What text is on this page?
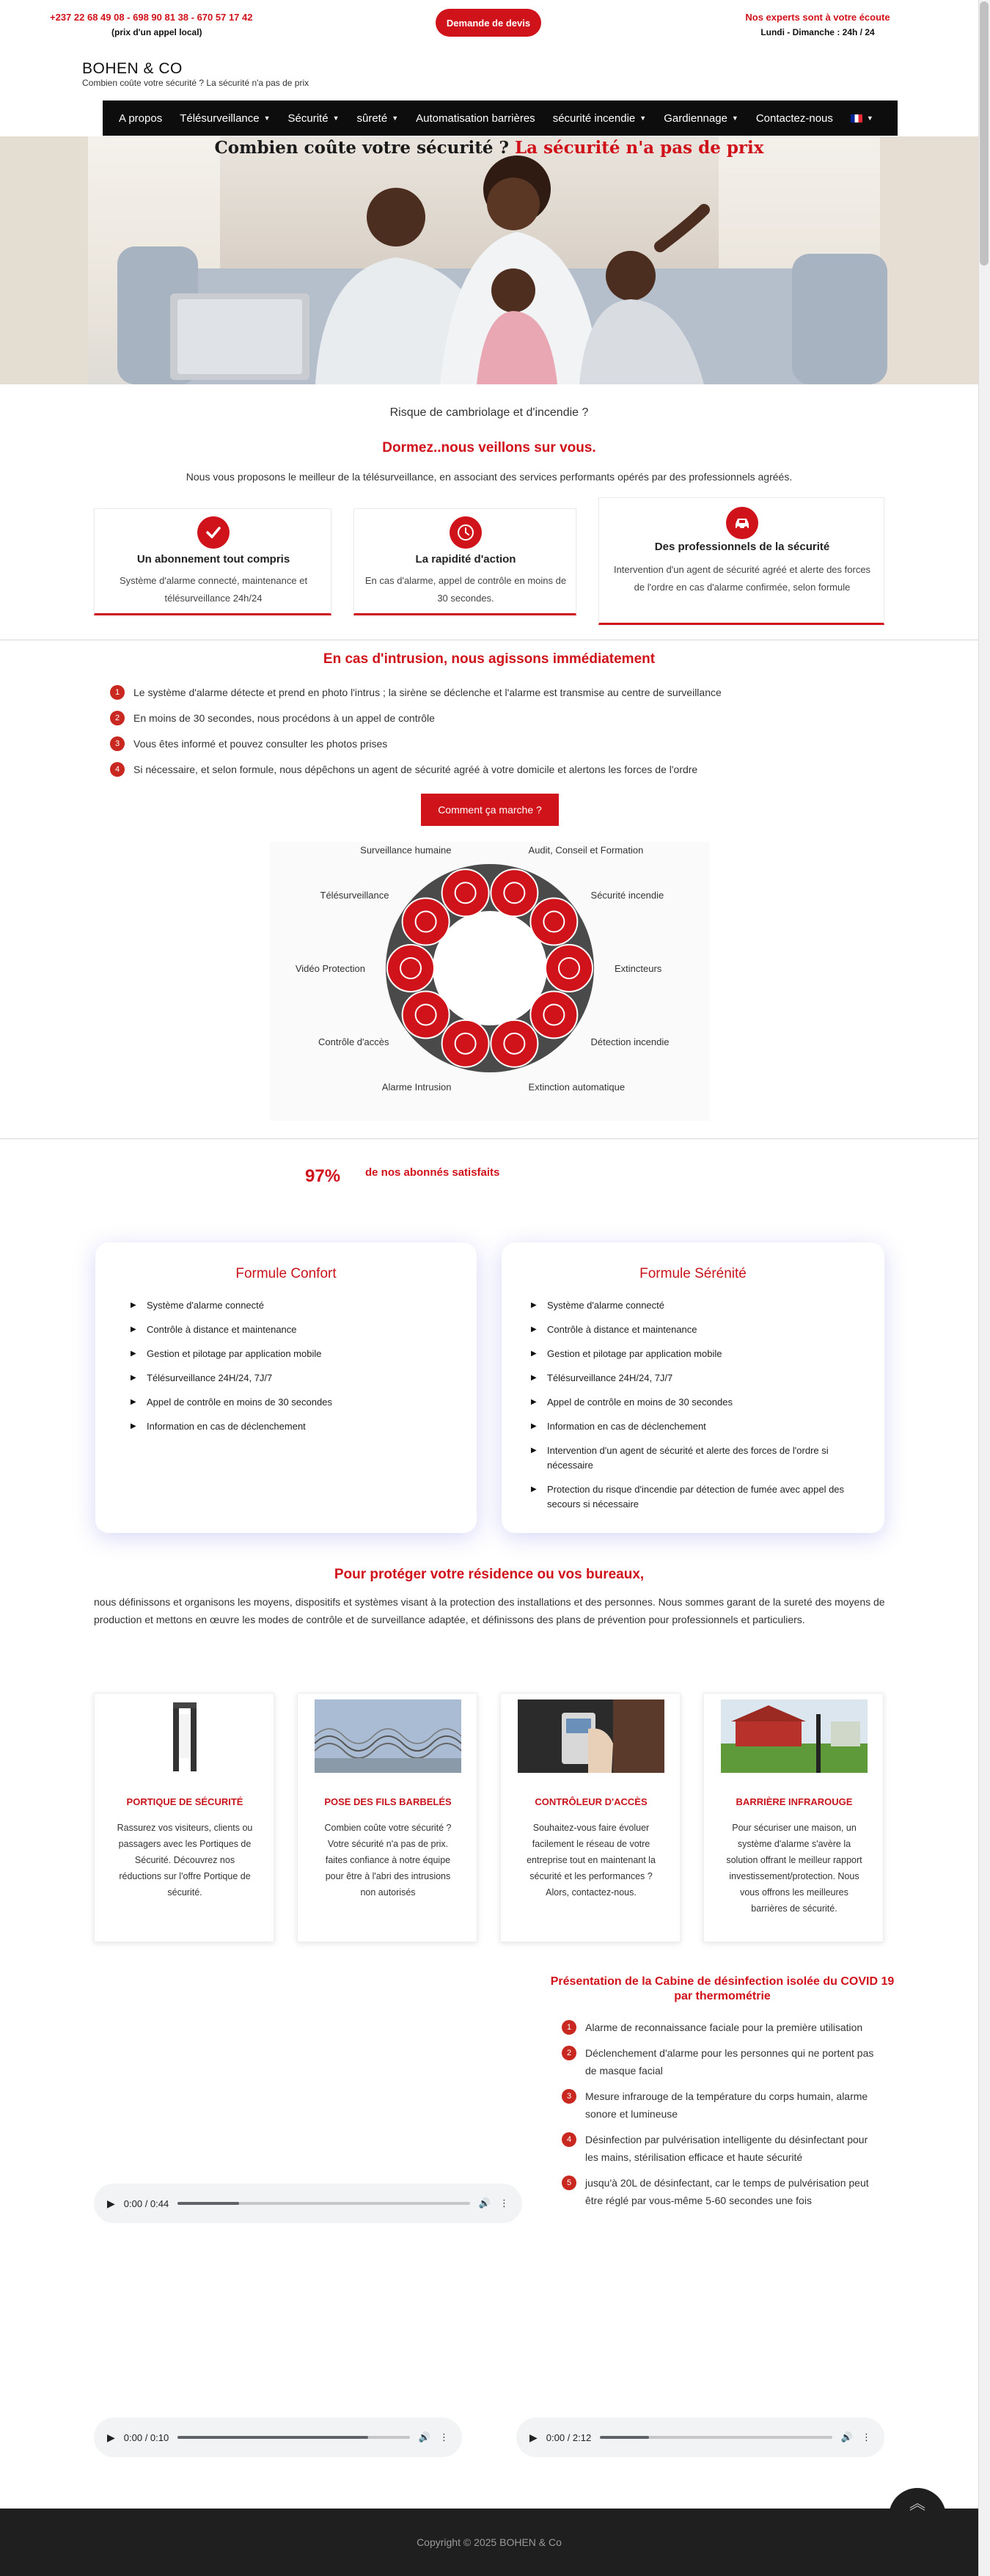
+237 22 68 49 08 - 698 90 81 38 - 670 57 17 42
(prix d'un appel local)
Demande de devis	Nos experts sont à votre écoute
Lundi - Dimanche : 24h / 24
BOHEN & CO
Combien coûte votre sécurité ? La sécurité n'a pas de prix
A propos Télésurveillance ▼ Sécurité ▼ sûreté ▼ Automatisation barrières sécurité incendie ▼ Gardiennage ▼ Contactez-nous	▼
Combien coûte votre sécurité ? La sécurité n'a pas de prix
Risque de cambriolage et d'incendie ?
Dormez..nous veillons sur vous.
Nous vous proposons le meilleur de la télésurveillance, en associant des services performants opérés par des professionnels agréés.
Un abonnement tout compris
Système d'alarme connecté, maintenance et télésurveillance 24h/24
La rapidité d'action
En cas d'alarme, appel de contrôle en moins de 30 secondes.
Des professionnels de la sécurité
Intervention d'un agent de sécurité agréé et alerte des forces de l'ordre en cas d'alarme confirmée, selon formule
En cas d'intrusion, nous agissons immédiatement
1	Le système d'alarme détecte et prend en photo l'intrus ; la sirène se déclenche et l'alarme est transmise au centre de surveillance
2	En moins de 30 secondes, nous procédons à un appel de contrôle
3	Vous êtes informé et pouvez consulter les photos prises
4	Si nécessaire, et selon formule, nous dépêchons un agent de sécurité agréé à votre domicile et alertons les forces de l'ordre
Comment ça marche ?
Audit, Conseil et Formation
Sécurité incendie
Extincteurs
Détection incendie
Extinction automatique
Alarme Intrusion
Contrôle d'accès
Vidéo Protection
Télésurveillance
Surveillance humaine
97% de nos abonnés satisfaits
Formule Confort
▶ Système d'alarme connecté
▶ Contrôle à distance et maintenance
▶ Gestion et pilotage par application mobile
▶ Télésurveillance 24H/24, 7J/7
▶ Appel de contrôle en moins de 30 secondes
▶ Information en cas de déclenchement
Formule Sérénité
▶ Système d'alarme connecté
▶ Contrôle à distance et maintenance
▶ Gestion et pilotage par application mobile
▶ Télésurveillance 24H/24, 7J/7
▶ Appel de contrôle en moins de 30 secondes
▶ Information en cas de déclenchement
▶ Intervention d'un agent de sécurité et alerte des forces de l'ordre si nécessaire
▶ Protection du risque d'incendie par détection de fumée avec appel des secours si nécessaire
Pour protéger votre résidence ou vos bureaux,
nous définissons et organisons les moyens, dispositifs et systèmes visant à la protection des installations et des personnes. Nous sommes garant de la sureté des moyens de production et mettons en œuvre les modes de contrôle et de surveillance adaptée, et définissons des plans de prévention pour professionnels et particuliers.
PORTIQUE DE SÉCURITÉ
Rassurez vos visiteurs, clients ou passagers avec les Portiques de Sécurité. Découvrez nos réductions sur l'offre Portique de sécurité.
POSE DES FILS BARBELÉS
Combien coûte votre sécurité ? Votre sécurité n'a pas de prix. faites confiance à notre équipe pour être à l'abri des intrusions non autorisés
CONTRÔLEUR D'ACCÈS
Souhaitez-vous faire évoluer facilement le réseau de votre entreprise tout en maintenant la sécurité et les performances ? Alors, contactez-nous.
BARRIÈRE INFRAROUGE
Pour sécuriser une maison, un système d'alarme s'avère la solution offrant le meilleur rapport investissement/protection. Nous vous offrons les meilleures barrières de sécurité.
Présentation de la Cabine de désinfection isolée du COVID 19 par thermométrie
1	Alarme de reconnaissance faciale pour la première utilisation
2	Déclenchement d'alarme pour les personnes qui ne portent pas de masque facial
3	Mesure infrarouge de la température du corps humain, alarme sonore et lumineuse
4	Désinfection par pulvérisation intelligente du désinfectant pour les mains, stérilisation efficace et haute sécurité
5	jusqu'à 20L de désinfectant, car le temps de pulvérisation peut être réglé par vous-même 5-60 secondes une fois
▶ 0:00 / 0:44	🔊 ⋮
▶ 0:00 / 0:10	🔊 ⋮	▶ 0:00 / 2:12	🔊 ⋮
Copyright © 2025 BOHEN & Co
︽
